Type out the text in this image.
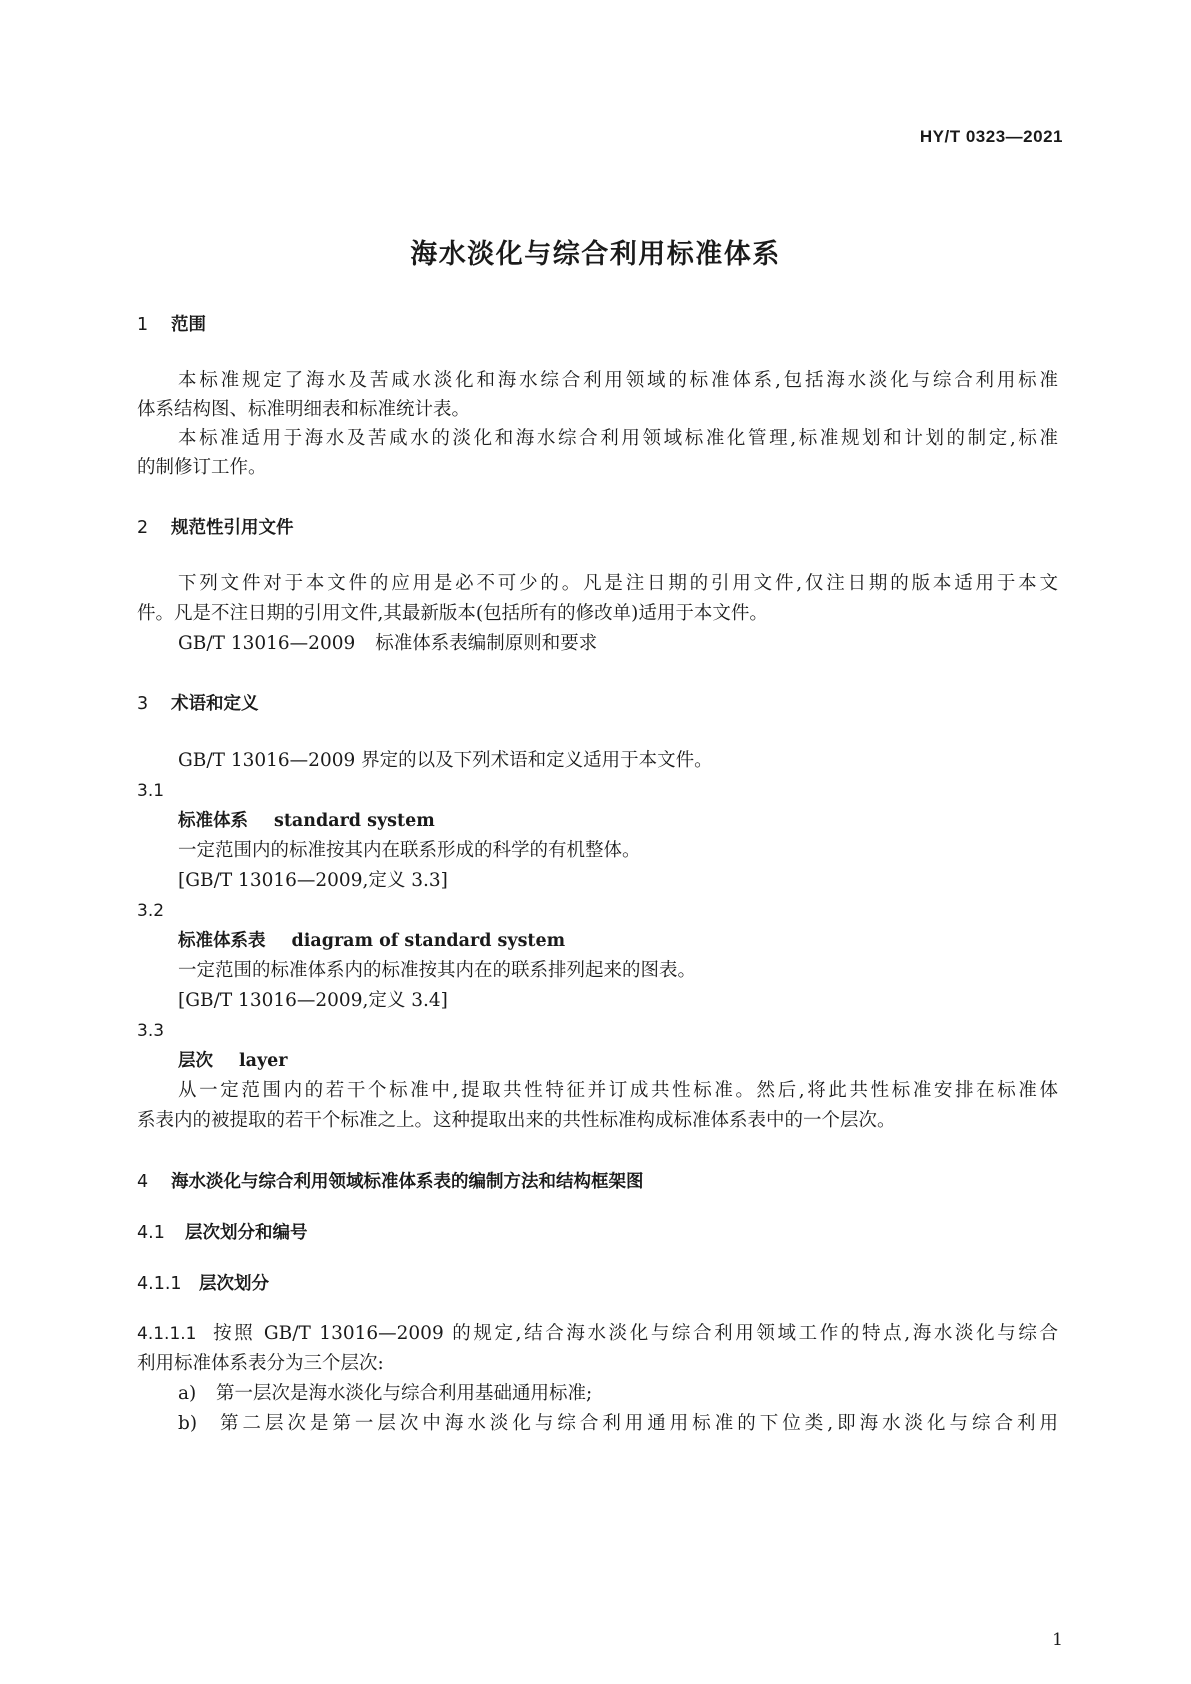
HY/T 0323—2021
海水淡化与综合利用标准体系
1 范围
本标准规定了海水及苦咸水淡化和海水综合利用领域的标准体系,包括海水淡化与综合利用标准
体系结构图、标准明细表和标准统计表。
本标准适用于海水及苦咸水的淡化和海水综合利用领域标准化管理,标准规划和计划的制定,标准
的制修订工作。
2 规范性引用文件
下列文件对于本文件的应用是必不可少的。凡是注日期的引用文件,仅注日期的版本适用于本文
件。凡是不注日期的引用文件,其最新版本(包括所有的修改单)适用于本文件。
GB/T 13016—2009 标准体系表编制原则和要求
3 术语和定义
GB/T 13016—2009 界定的以及下列术语和定义适用于本文件。
3.1
标准体系 standard system
一定范围内的标准按其内在联系形成的科学的有机整体。
[GB/T 13016—2009,定义 3.3]
3.2
标准体系表 diagram of standard system
一定范围的标准体系内的标准按其内在的联系排列起来的图表。
[GB/T 13016—2009,定义 3.4]
3.3
层次 layer
从一定范围内的若干个标准中,提取共性特征并订成共性标准。然后,将此共性标准安排在标准体
系表内的被提取的若干个标准之上。这种提取出来的共性标准构成标准体系表中的一个层次。
4 海水淡化与综合利用领域标准体系表的编制方法和结构框架图
4.1 层次划分和编号
4.1.1 层次划分
4.1.1.1 按照 GB/T 13016—2009 的规定,结合海水淡化与综合利用领域工作的特点,海水淡化与综合
利用标准体系表分为三个层次:
a) 第一层次是海水淡化与综合利用基础通用标准;
b) 第二层次是第一层次中海水淡化与综合利用通用标准的下位类,即海水淡化与综合利用
1
